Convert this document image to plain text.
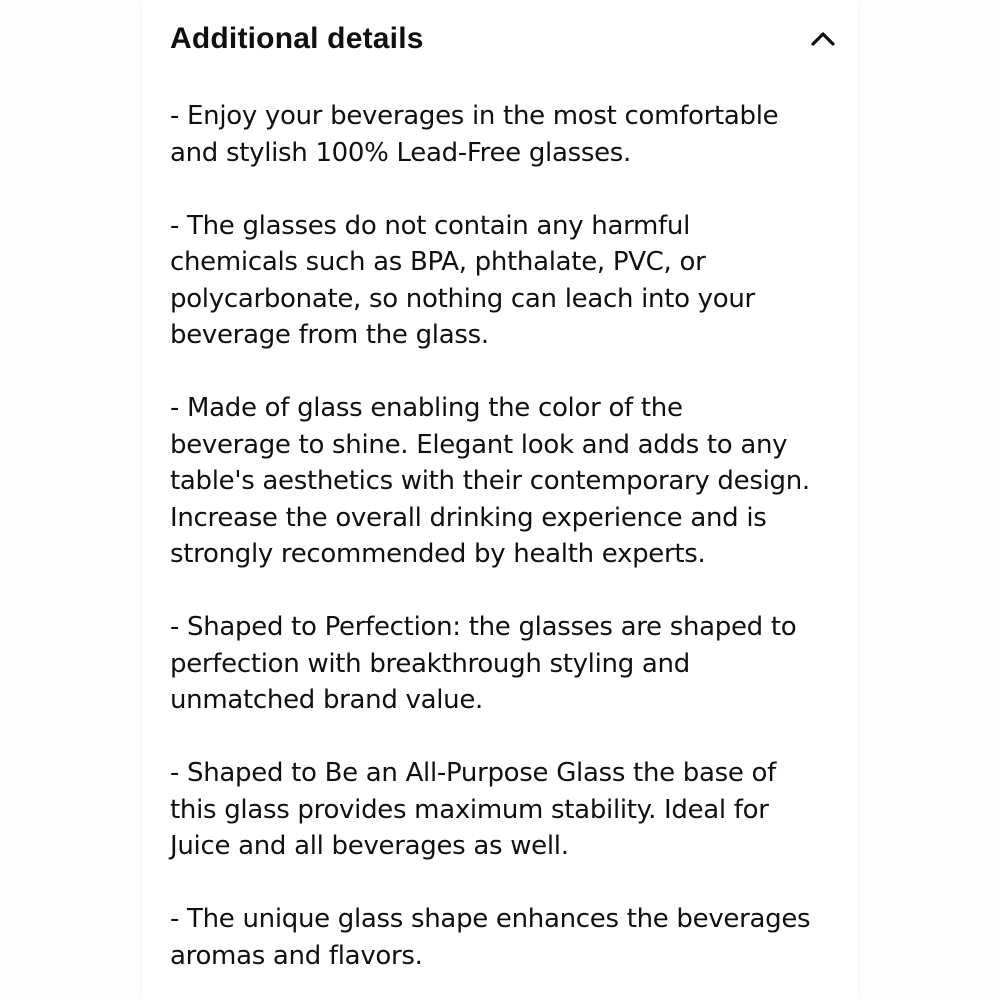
Additional details

- Enjoy your beverages in the most comfortable
and stylish 100% Lead-Free glasses.

- The glasses do not contain any harmful
chemicals such as BPA, phthalate, PVC, or
polycarbonate, so nothing can leach into your
beverage from the glass.

- Made of glass enabling the color of the
beverage to shine. Elegant look and adds to any
table's aesthetics with their contemporary design.
Increase the overall drinking experience and is
strongly recommended by health experts.

- Shaped to Perfection: the glasses are shaped to
perfection with breakthrough styling and
unmatched brand value.

- Shaped to Be an All-Purpose Glass the base of
this glass provides maximum stability. Ideal for
Juice and all beverages as well.

- The unique glass shape enhances the beverages
aromas and flavors.
